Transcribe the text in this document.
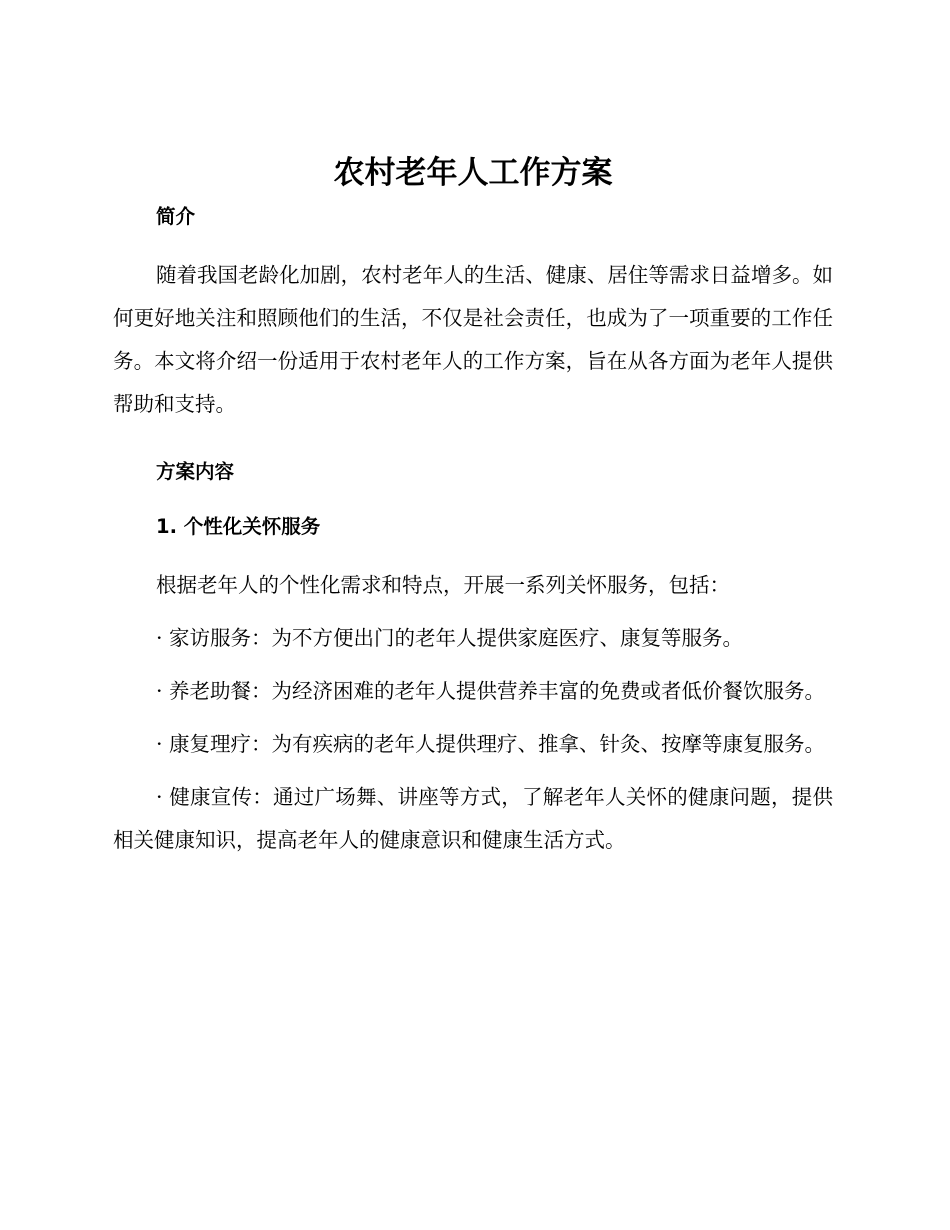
农村老年人工作方案
简介

随着我国老龄化加剧，农村老年人的生活、健康、居住等需求日益增多。如何更好地关注和照顾他们的生活，不仅是社会责任，也成为了一项重要的工作任务。本文将介绍一份适用于农村老年人的工作方案，旨在从各方面为老年人提供帮助和支持。

方案内容
1. 个性化关怀服务

根据老年人的个性化需求和特点，开展一系列关怀服务，包括：

· 家访服务：为不方便出门的老年人提供家庭医疗、康复等服务。

· 养老助餐：为经济困难的老年人提供营养丰富的免费或者低价餐饮服务。

· 康复理疗：为有疾病的老年人提供理疗、推拿、针灸、按摩等康复服务。

· 健康宣传：通过广场舞、讲座等方式，了解老年人关怀的健康问题，提供相关健康知识，提高老年人的健康意识和健康生活方式。
